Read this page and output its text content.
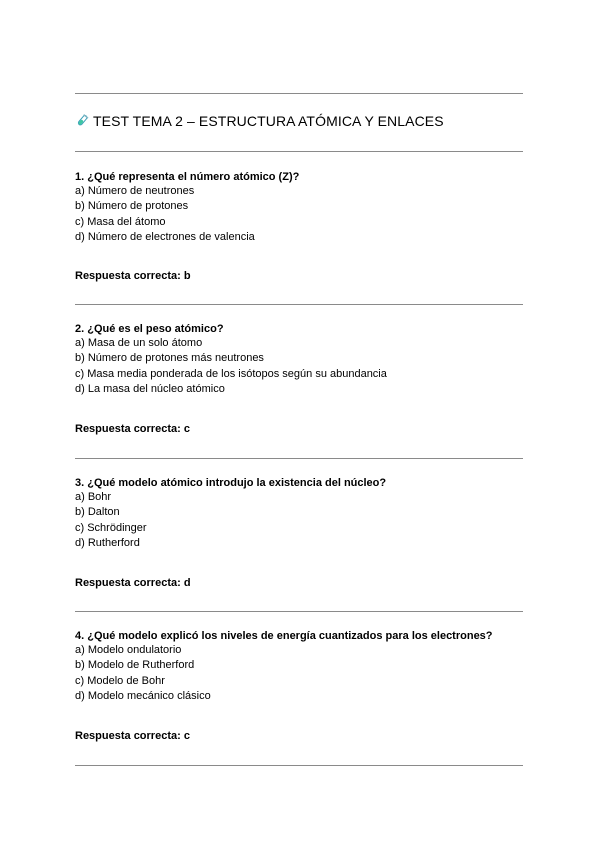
TEST TEMA 2 – ESTRUCTURA ATÓMICA Y ENLACES
1. ¿Qué representa el número atómico (Z)?
a) Número de neutrones
b) Número de protones
c) Masa del átomo
d) Número de electrones de valencia
Respuesta correcta: b
2. ¿Qué es el peso atómico?
a) Masa de un solo átomo
b) Número de protones más neutrones
c) Masa media ponderada de los isótopos según su abundancia
d) La masa del núcleo atómico
Respuesta correcta: c
3. ¿Qué modelo atómico introdujo la existencia del núcleo?
a) Bohr
b) Dalton
c) Schrödinger
d) Rutherford
Respuesta correcta: d
4. ¿Qué modelo explicó los niveles de energía cuantizados para los electrones?
a) Modelo ondulatorio
b) Modelo de Rutherford
c) Modelo de Bohr
d) Modelo mecánico clásico
Respuesta correcta: c
